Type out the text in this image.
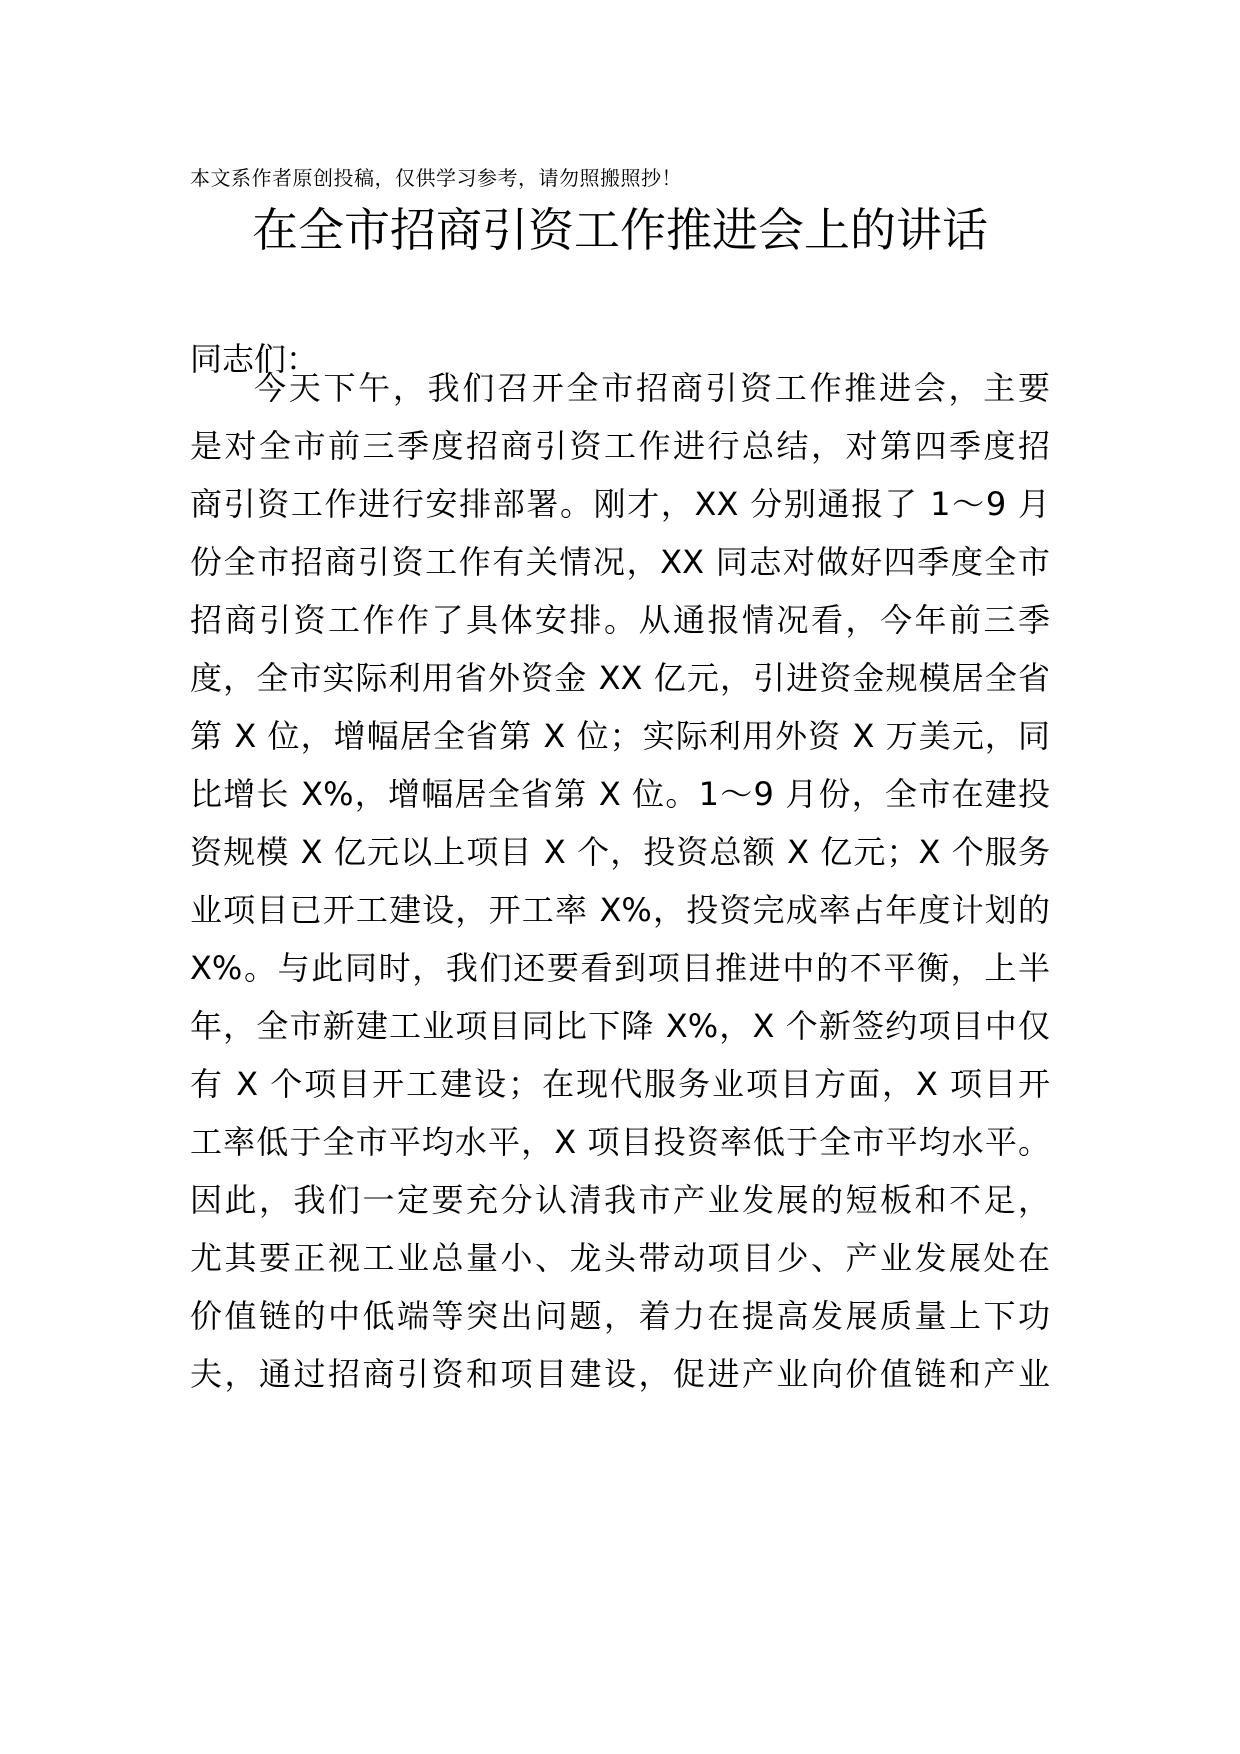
本文系作者原创投稿，仅供学习参考，请勿照搬照抄！
在全市招商引资工作推进会上的讲话
同志们：
今天下午，我们召开全市招商引资工作推进会，主要
是对全市前三季度招商引资工作进行总结，对第四季度招
商引资工作进行安排部署。刚才，XX 分别通报了 1～9 月
份全市招商引资工作有关情况，XX 同志对做好四季度全市
招商引资工作作了具体安排。从通报情况看，今年前三季
度，全市实际利用省外资金 XX 亿元，引进资金规模居全省
第 X 位，增幅居全省第 X 位；实际利用外资 X 万美元，同
比增长 X%，增幅居全省第 X 位。1～9 月份，全市在建投
资规模 X 亿元以上项目 X 个，投资总额 X 亿元；X 个服务
业项目已开工建设，开工率 X%，投资完成率占年度计划的
X%。与此同时，我们还要看到项目推进中的不平衡，上半
年，全市新建工业项目同比下降 X%，X 个新签约项目中仅
有 X 个项目开工建设；在现代服务业项目方面，X 项目开
工率低于全市平均水平，X 项目投资率低于全市平均水平。
因此，我们一定要充分认清我市产业发展的短板和不足，
尤其要正视工业总量小、龙头带动项目少、产业发展处在
价值链的中低端等突出问题，着力在提高发展质量上下功
夫，通过招商引资和项目建设，促进产业向价值链和产业
